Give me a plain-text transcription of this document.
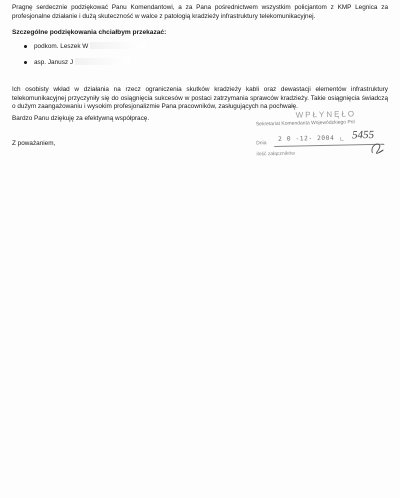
Pragnę serdecznie podziękować Panu Komendantowi, a za Pana pośrednictwem wszystkim policjantom z KMP Legnica za profesjonalne działanie i dużą skuteczność w walce z patologią kradzieży infrastruktury telekomunikacyjnej.
Szczególne podziękowania chciałbym przekazać:
podkom. Leszek W
asp. Janusz J
Ich osobisty wkład w działania na rzecz ograniczenia skutków kradzieży kabli oraz dewastacji elementów infrastruktury telekomunikacyjnej przyczyniły się do osiągnięcia sukcesów w postaci zatrzymania sprawców kradzieży. Takie osiągnięcia świadczą o dużym zaangażowaniu i wysokim profesjonalizmie Pana pracowników, zasługujących na pochwałę.
Bardzo Panu dziękuję za efektywną współpracę.
Z poważaniem,
WPŁYNĘŁO
Sekretariat Komendanta Wojewódzkiego Pol
Dnia
2 0 -12- 2004 L. 5455
ilość załączników
